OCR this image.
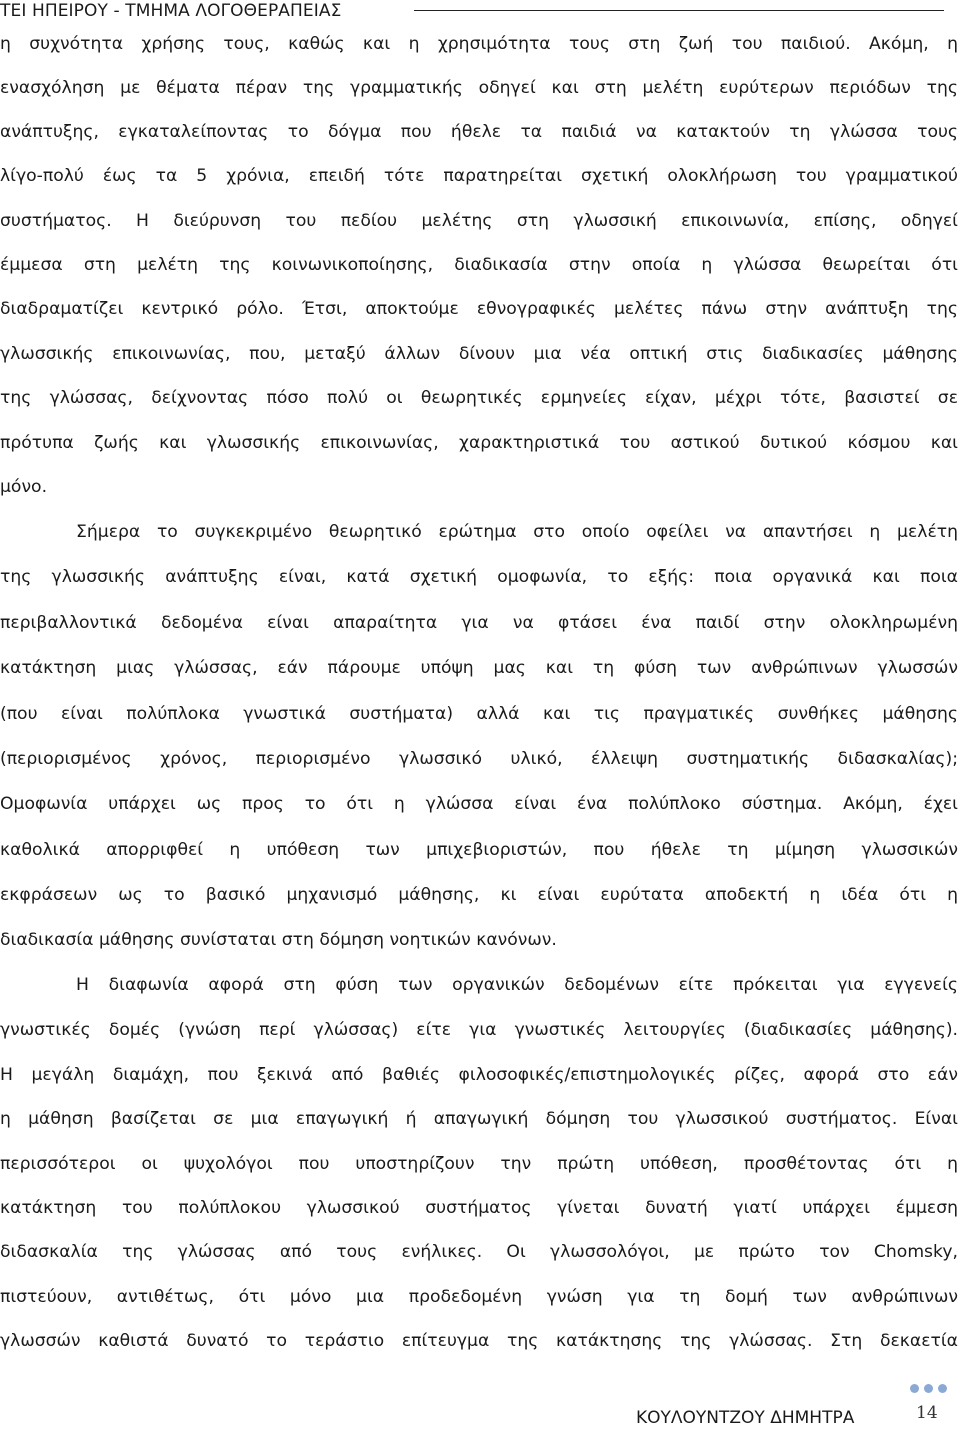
ΤΕΙ ΗΠΕΙΡΟΥ - ΤΜΗΜΑ ΛΟΓΟΘΕΡΑΠΕΙΑΣ
η συχνότητα χρήσης τους, καθώς και η χρησιμότητα τους στη ζωή του παιδιού. Ακόμη, η
ενασχόληση με θέματα πέραν της γραμματικής οδηγεί και στη μελέτη ευρύτερων περιόδων της
ανάπτυξης, εγκαταλείποντας το δόγμα που ήθελε τα παιδιά να κατακτούν τη γλώσσα τους
λίγο-πολύ έως τα 5 χρόνια, επειδή τότε παρατηρείται σχετική ολοκλήρωση του γραμματικού
συστήματος. Η διεύρυνση του πεδίου μελέτης στη γλωσσική επικοινωνία, επίσης, οδηγεί
έμμεσα στη μελέτη της κοινωνικοποίησης, διαδικασία στην οποία η γλώσσα θεωρείται ότι
διαδραματίζει κεντρικό ρόλο. Έτσι, αποκτούμε εθνογραφικές μελέτες πάνω στην ανάπτυξη της
γλωσσικής επικοινωνίας, που, μεταξύ άλλων δίνουν μια νέα οπτική στις διαδικασίες μάθησης
της γλώσσας, δείχνοντας πόσο πολύ οι θεωρητικές ερμηνείες είχαν, μέχρι τότε, βασιστεί σε
πρότυπα ζωής και γλωσσικής επικοινωνίας, χαρακτηριστικά του αστικού δυτικού κόσμου και
μόνο.
Σήμερα το συγκεκριμένο θεωρητικό ερώτημα στο οποίο οφείλει να απαντήσει η μελέτη
της γλωσσικής ανάπτυξης είναι, κατά σχετική ομοφωνία, το εξής: ποια οργανικά και ποια
περιβαλλοντικά δεδομένα είναι απαραίτητα για να φτάσει ένα παιδί στην ολοκληρωμένη
κατάκτηση μιας γλώσσας, εάν πάρουμε υπόψη μας και τη φύση των ανθρώπινων γλωσσών
(που είναι πολύπλοκα γνωστικά συστήματα) αλλά και τις πραγματικές συνθήκες μάθησης
(περιορισμένος χρόνος, περιορισμένο γλωσσικό υλικό, έλλειψη συστηματικής διδασκαλίας);
Ομοφωνία υπάρχει ως προς το ότι η γλώσσα είναι ένα πολύπλοκο σύστημα. Ακόμη, έχει
καθολικά απορριφθεί η υπόθεση των μπιχεβιοριστών, που ήθελε τη μίμηση γλωσσικών
εκφράσεων ως το βασικό μηχανισμό μάθησης, κι είναι ευρύτατα αποδεκτή η ιδέα ότι η
διαδικασία μάθησης συνίσταται στη δόμηση νοητικών κανόνων.
Η διαφωνία αφορά στη φύση των οργανικών δεδομένων είτε πρόκειται για εγγενείς
γνωστικές δομές (γνώση περί γλώσσας) είτε για γνωστικές λειτουργίες (διαδικασίες μάθησης).
Η μεγάλη διαμάχη, που ξεκινά από βαθιές φιλοσοφικές/επιστημολογικές ρίζες, αφορά στο εάν
η μάθηση βασίζεται σε μια επαγωγική ή απαγωγική δόμηση του γλωσσικού συστήματος. Είναι
περισσότεροι οι ψυχολόγοι που υποστηρίζουν την πρώτη υπόθεση, προσθέτοντας ότι η
κατάκτηση του πολύπλοκου γλωσσικού συστήματος γίνεται δυνατή γιατί υπάρχει έμμεση
διδασκαλία της γλώσσας από τους ενήλικες. Οι γλωσσολόγοι, με πρώτο τον Chomsky,
πιστεύουν, αντιθέτως, ότι μόνο μια προδεδομένη γνώση για τη δομή των ανθρώπινων
γλωσσών καθιστά δυνατό το τεράστιο επίτευγμα της κατάκτησης της γλώσσας. Στη δεκαετία
ΚΟΥΛΟΥΝΤΖΟΥ ΔΗΜΗΤΡΑ	14
